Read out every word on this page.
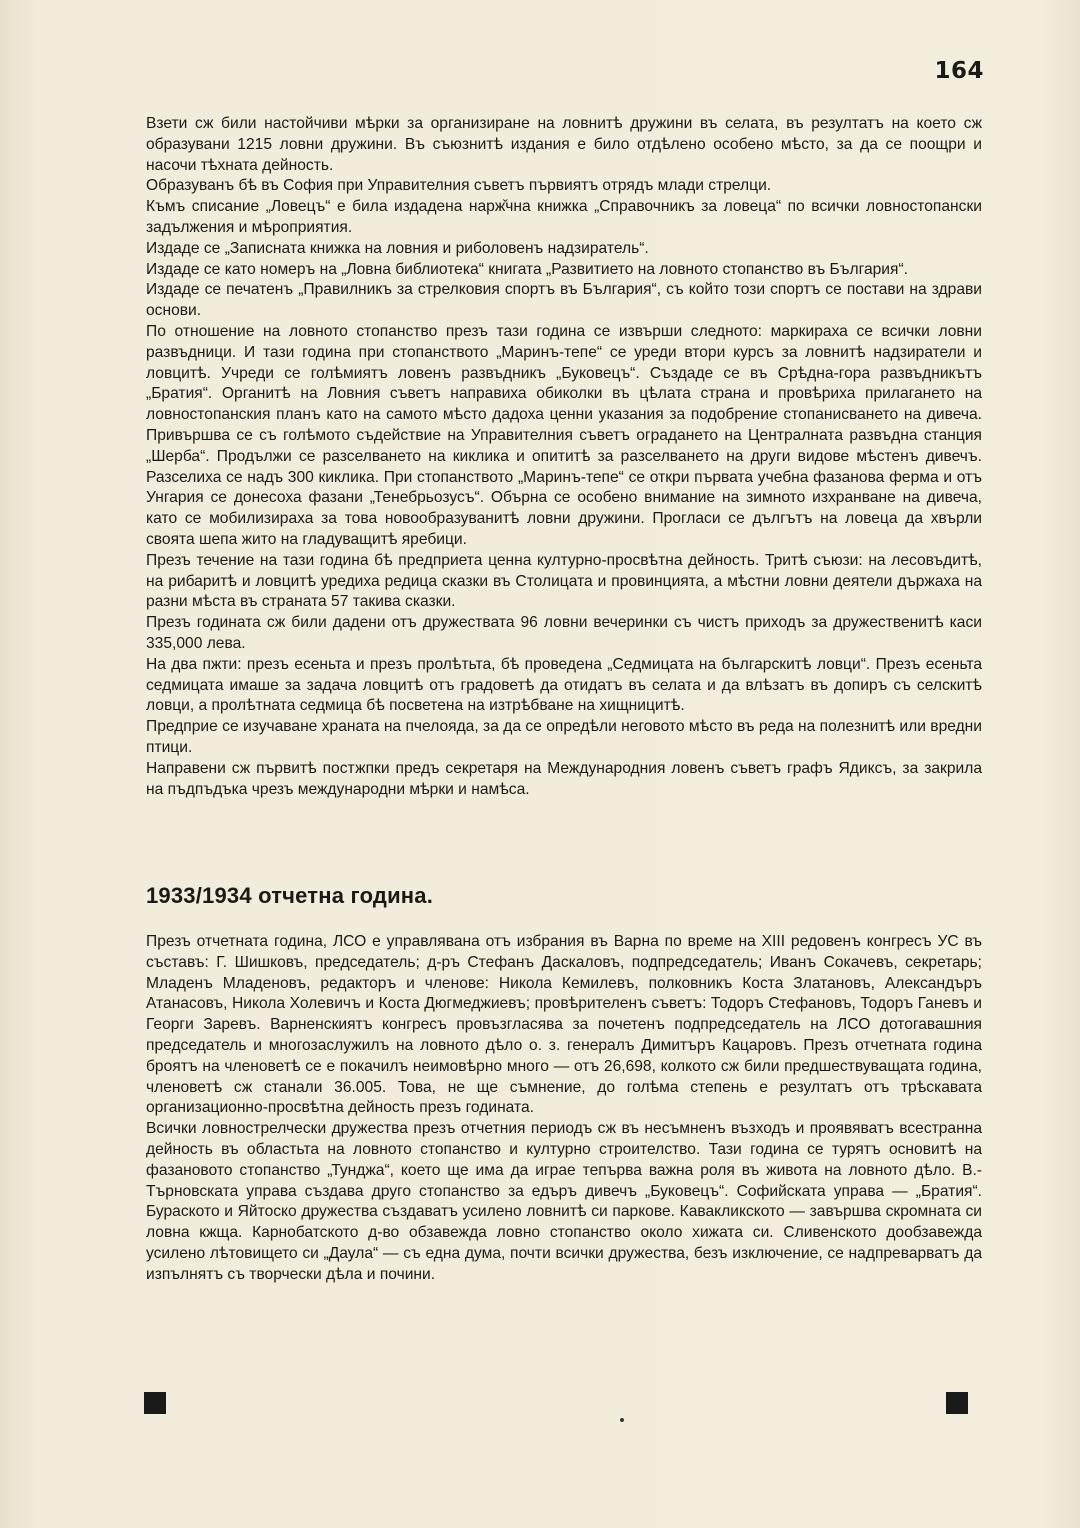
164

Взети сж били настойчиви мѣрки за организиране на ловнитѣ дружини въ селата, въ резултатъ на което сж образувани 1215 ловни дружини. Въ съюзнитѣ издания е било отдѣлено особено мѣсто, за да се поощри и насочи тѣхната дейность.

Образуванъ бѣ въ София при Управителния съветъ първиятъ отрядъ млади стрелци.

Къмъ списание „Ловецъ“ е била издадена нарж̌чна книжка „Справочникъ за ловеца“ по всички ловностопански задължения и мѣроприятия.

Издаде се „Записната книжка на ловния и риболовенъ надзиратель“.

Издаде се като номеръ на „Ловна библиотека“ книгата „Развитието на ловното стопанство въ България“.

Издаде се печатенъ „Правилникъ за стрелковия спортъ въ България“, съ който този спортъ се постави на здрави основи.

По отношение на ловното стопанство презъ тази година се извърши следното: маркираха се всички ловни развъдници. И тази година при стопанството „Маринъ-тепе“ се уреди втори курсъ за ловнитѣ надзиратели и ловцитѣ. Учреди се голѣмиятъ ловенъ развъдникъ „Буковецъ“. Създаде се въ Срѣдна-гора развъдникътъ „Братия“. Органитѣ на Ловния съветъ направиха обиколки въ цѣлата страна и провѣриха прилагането на ловностопанския планъ като на самото мѣсто дадоха ценни указания за подобрение стопанисването на дивеча. Привършва се съ голѣмото съдействие на Управителния съветъ оградането на Централната развъдна станция „Шерба“. Продължи се разселването на киклика и опититѣ за разселването на други видове мѣстенъ дивечъ. Разселиха се надъ 300 киклика. При стопанството „Маринъ-тепе“ се откри първата учебна фазанова ферма и отъ Унгария се донесоха фазани „Тенебрьозусъ“. Обърна се особено внимание на зимното изхранване на дивеча, като се мобилизираха за това новообразуванитѣ ловни дружини. Прогласи се дългътъ на ловеца да хвърли своята шепа жито на гладуващитѣ яребици.

Презъ течение на тази година бѣ предприета ценна културно-просвѣтна дейность. Тритѣ съюзи: на лесовъдитѣ, на рибаритѣ и ловцитѣ уредиха редица сказки въ Столицата и провинцията, а мѣстни ловни деятели държаха на разни мѣста въ страната 57 такива сказки.

Презъ годината сж били дадени отъ дружествата 96 ловни вечеринки съ чистъ приходъ за дружественитѣ каси 335,000 лева.

На два пжти: презъ есеньта и презъ пролѣтьта, бѣ проведена „Седмицата на българскитѣ ловци“. Презъ есеньта седмицата имаше за задача ловцитѣ отъ градоветѣ да отидатъ въ селата и да влѣзатъ въ допиръ съ селскитѣ ловци, а пролѣтната седмица бѣ посветена на изтрѣбване на хищницитѣ.

Предприе се изучаване храната на пчелояда, за да се опредѣли неговото мѣсто въ реда на полезнитѣ или вредни птици.

Направени сж първитѣ постжпки предъ секретаря на Международния ловенъ съветъ графъ Ядиксъ, за закрила на пъдпъдъка чрезъ международни мѣрки и намѣса.

1933/1934 отчетна година.

Презъ отчетната година, ЛСО е управлявана отъ избрания въ Варна по време на XIII редовенъ конгресъ УС въ съставъ: Г. Шишковъ, председатель; д-ръ Стефанъ Даскаловъ, подпредседатель; Иванъ Сокачевъ, секретарь; Младенъ Младеновъ, редакторъ и членове: Никола Кемилевъ, полковникъ Коста Златановъ, Александъръ Атанасовъ, Никола Холевичъ и Коста Дюгмеджиевъ; провѣрителенъ съветъ: Тодоръ Стефановъ, Тодоръ Ганевъ и Георги Заревъ. Варненскиятъ конгресъ провъзгласява за почетенъ подпредседатель на ЛСО дотогавашния председатель и многозаслужилъ на ловното дѣло о. з. генералъ Димитъръ Кацаровъ. Презъ отчетната година броятъ на членоветѣ се е покачилъ неимовѣрно много — отъ 26,698, колкото сж били предшествуващата година, членоветѣ сж станали 36.005. Това, не ще съмнение, до голѣма степень е резултатъ отъ трѣскавата организационно-просвѣтна дейность презъ годината.

Всички ловнострелчески дружества презъ отчетния периодъ сж въ несъмненъ възходъ и проявяватъ всестранна дейность въ областьта на ловното стопанство и културно строителство. Тази година се турятъ основитѣ на фазановото стопанство „Тунджа“, което ще има да играе тепърва важна роля въ живота на ловното дѣло. В.-Търновската управа създава друго стопанство за едъръ дивечъ „Буковецъ“. Софийската управа — „Братия“. Бураското и Яйтоско дружества създаватъ усилено ловнитѣ си паркове. Кавакликското — завършва скромната си ловна кжща. Карнобатското д-во обзавежда ловно стопанство около хижата си. Сливенското дообзавежда усилено лѣтовището си „Даула“ — съ една дума, почти всички дружества, безъ изключение, се надпреварватъ да изпълнятъ съ творчески дѣла и почини.
